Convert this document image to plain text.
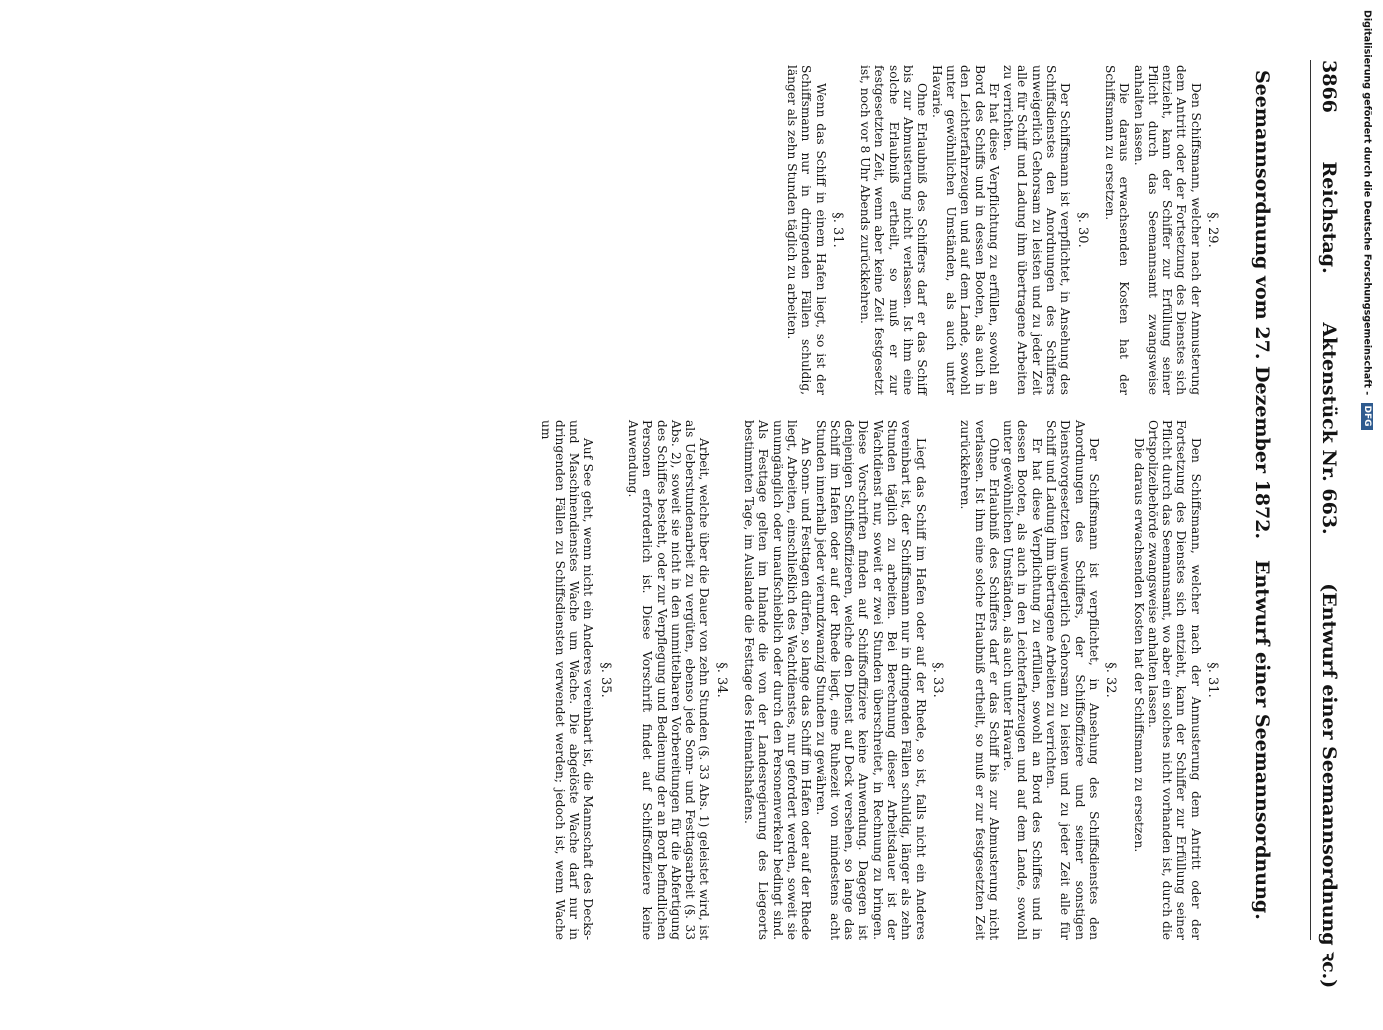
Digitalisierung gefördert durch die Deutsche Forschungsgemeinschaft - DFG
3866 Reichstag. Aktenstück Nr. 663. (Entwurf einer Seemannsordnung ꝛc.)
Seemannsordnung vom 27. Dezember 1872.
Entwurf einer Seemannsordnung.
§. 29.

Den Schiffsmann, welcher nach der Anmusterung dem Antritt oder der Fortsetzung des Dienstes sich entzieht, kann der Schiffer zur Erfüllung seiner Pflicht durch das Seemannsamt zwangsweise anhalten lassen.

Die daraus erwachsenden Kosten hat der Schiffsmann zu ersetzen.

§. 30.

Der Schiffsmann ist verpflichtet, in Ansehung des Schiffsdienstes den Anordnungen des Schiffers unweigerlich Gehorsam zu leisten und zu jeder Zeit alle für Schiff und Ladung ihm übertragene Arbeiten zu verrichten.

Er hat diese Verpflichtung zu erfüllen, sowohl an Bord des Schiffs und in dessen Booten, als auch in den Leichterfahrzeugen und auf dem Lande, sowohl unter gewöhnlichen Umständen, als auch unter Havarie.

Ohne Erlaubniß des Schiffers darf er das Schiff bis zur Abmusterung nicht verlassen. Ist ihm eine solche Erlaubniß ertheilt, so muß er zur festgesetzten Zeit, wenn aber keine Zeit festgesetzt ist, noch vor 8 Uhr Abends zurückkehren.

§. 31.

Wenn das Schiff in einem Hafen liegt, so ist der Schiffsmann nur in dringenden Fällen schuldig, länger als zehn Stunden täglich zu arbeiten.

§. 31.

Den Schiffsmann, welcher nach der Anmusterung dem Antritt oder der Fortsetzung des Dienstes sich entzieht, kann der Schiffer zur Erfüllung seiner Pflicht durch das Seemannsamt, wo aber ein solches nicht vorhanden ist, durch die Ortspolizeibehörde zwangsweise anhalten lassen.

Die daraus erwachsenden Kosten hat der Schiffsmann zu ersetzen.

§. 32.

Der Schiffsmann ist verpflichtet, in Ansehung des Schiffsdienstes den Anordnungen des Schiffers, der Schiffsoffiziere und seiner sonstigen Dienstvorgesetzten unweigerlich Gehorsam zu leisten und zu jeder Zeit alle für Schiff und Ladung ihm übertragene Arbeiten zu verrichten.

Er hat diese Verpflichtung zu erfüllen, sowohl an Bord des Schiffes und in dessen Booten, als auch in den Leichterfahrzeugen und auf dem Lande, sowohl unter gewöhnlichen Umständen, als auch unter Havarie.

Ohne Erlaubniß des Schiffers darf er das Schiff bis zur Abmusterung nicht verlassen. Ist ihm eine solche Erlaubniß ertheilt, so muß er zur festgesetzten Zeit zurückkehren.

§. 33.

Liegt das Schiff im Hafen oder auf der Rhede, so ist, falls nicht ein Anderes vereinbart ist, der Schiffsmann nur in dringenden Fällen schuldig, länger als zehn Stunden täglich zu arbeiten. Bei Berechnung dieser Arbeitsdauer ist der Wachtdienst nur, soweit er zwei Stunden überschreitet, in Rechnung zu bringen. Diese Vorschriften finden auf Schiffsoffiziere keine Anwendung. Dagegen ist denjenigen Schiffsoffizieren, welche den Dienst auf Deck versehen, so lange das Schiff im Hafen oder auf der Rhede liegt, eine Ruhezeit von mindestens acht Stunden innerhalb jeder vierundzwanzig Stunden zu gewähren.

An Sonn- und Festtagen dürfen, so lange das Schiff im Hafen oder auf der Rhede liegt, Arbeiten, einschließlich des Wachtdienstes, nur gefordert werden, soweit sie unumgänglich oder unaufschieblich oder durch den Personenverkehr bedingt sind. Als Festtage gelten im Inlande die von der Landesregierung des Liegeorts bestimmten Tage, im Auslande die Festtage des Heimathshafens.

§. 34.

Arbeit, welche über die Dauer von zehn Stunden (§. 33 Abs. 1) geleistet wird, ist als Ueberstundenarbeit zu vergüten, ebenso jede Sonn- und Festtagsarbeit (§. 33 Abs. 2), soweit sie nicht in den unmittelbaren Vorbereitungen für die Abfertigung des Schiffes besteht, oder zur Verpflegung und Bedienung der an Bord befindlichen Personen erforderlich ist. Diese Vorschrift findet auf Schiffsoffiziere keine Anwendung.

§. 35.

Auf See geht, wenn nicht ein Anderes vereinbart ist, die Mannschaft des Decks- und Maschinendienstes Wache um Wache. Die abgelöste Wache darf nur in dringenden Fällen zu Schiffsdiensten verwendet werden; jedoch ist, wenn Wache um
